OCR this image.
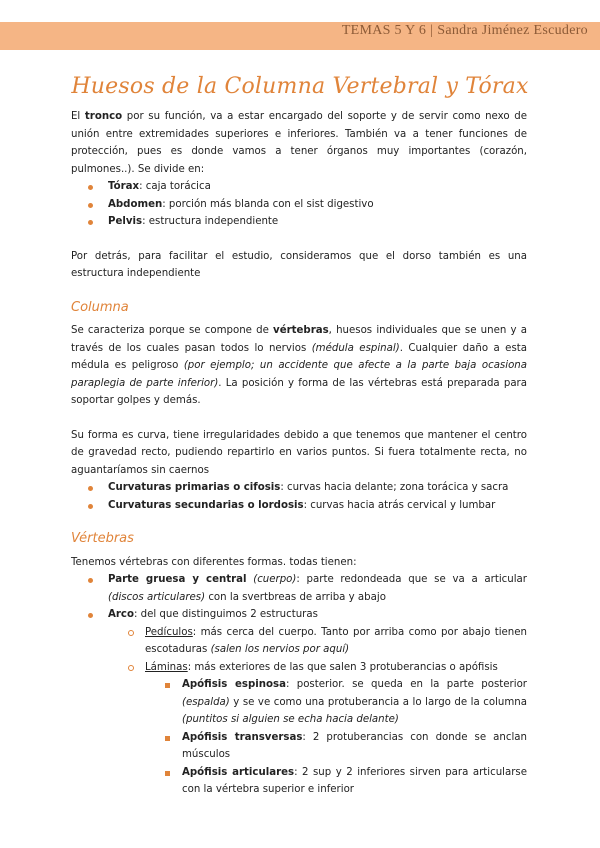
TEMAS 5 Y 6 | Sandra Jiménez Escudero
Huesos de la Columna Vertebral y Tórax

El tronco por su función, va a estar encargado del soporte y de servir como nexo de unión entre extremidades superiores e inferiores. También va a tener funciones de protección, pues es donde vamos a tener órganos muy importantes (corazón, pulmones..). Se divide en:

Tórax: caja torácica
Abdomen: porción más blanda con el sist digestivo
Pelvis: estructura independiente

Por detrás, para facilitar el estudio, consideramos que el dorso también es una estructura independiente

Columna

Se caracteriza porque se compone de vértebras, huesos individuales que se unen y a través de los cuales pasan todos lo nervios (médula espinal). Cualquier daño a esta médula es peligroso (por ejemplo; un accidente que afecte a la parte baja ocasiona paraplegia de parte inferior). La posición y forma de las vértebras está preparada para soportar golpes y demás.

Su forma es curva, tiene irregularidades debido a que tenemos que mantener el centro de gravedad recto, pudiendo repartirlo en varios puntos. Si fuera totalmente recta, no aguantaríamos sin caernos

Curvaturas primarias o cifosis: curvas hacia delante; zona torácica y sacra
Curvaturas secundarias o lordosis: curvas hacia atrás cervical y lumbar
Vértebras

Tenemos vértebras con diferentes formas. todas tienen:

Parte gruesa y central (cuerpo): parte redondeada que se va a articular (discos articulares) con la svertbreas de arriba y abajo
Arco: del que distinguimos 2 estructuras
Pedículos: más cerca del cuerpo. Tanto por arriba como por abajo tienen escotaduras (salen los nervios por aquí)
Láminas: más exteriores de las que salen 3 protuberancias o apófisis
Apófisis espinosa: posterior. se queda en la parte posterior (espalda) y se ve como una protuberancia a lo largo de la columna (puntitos si alguien se echa hacia delante)
Apófisis transversas: 2 protuberancias con donde se anclan músculos
Apófisis articulares: 2 sup y 2 inferiores sirven para articularse con la vértebra superior e inferior
